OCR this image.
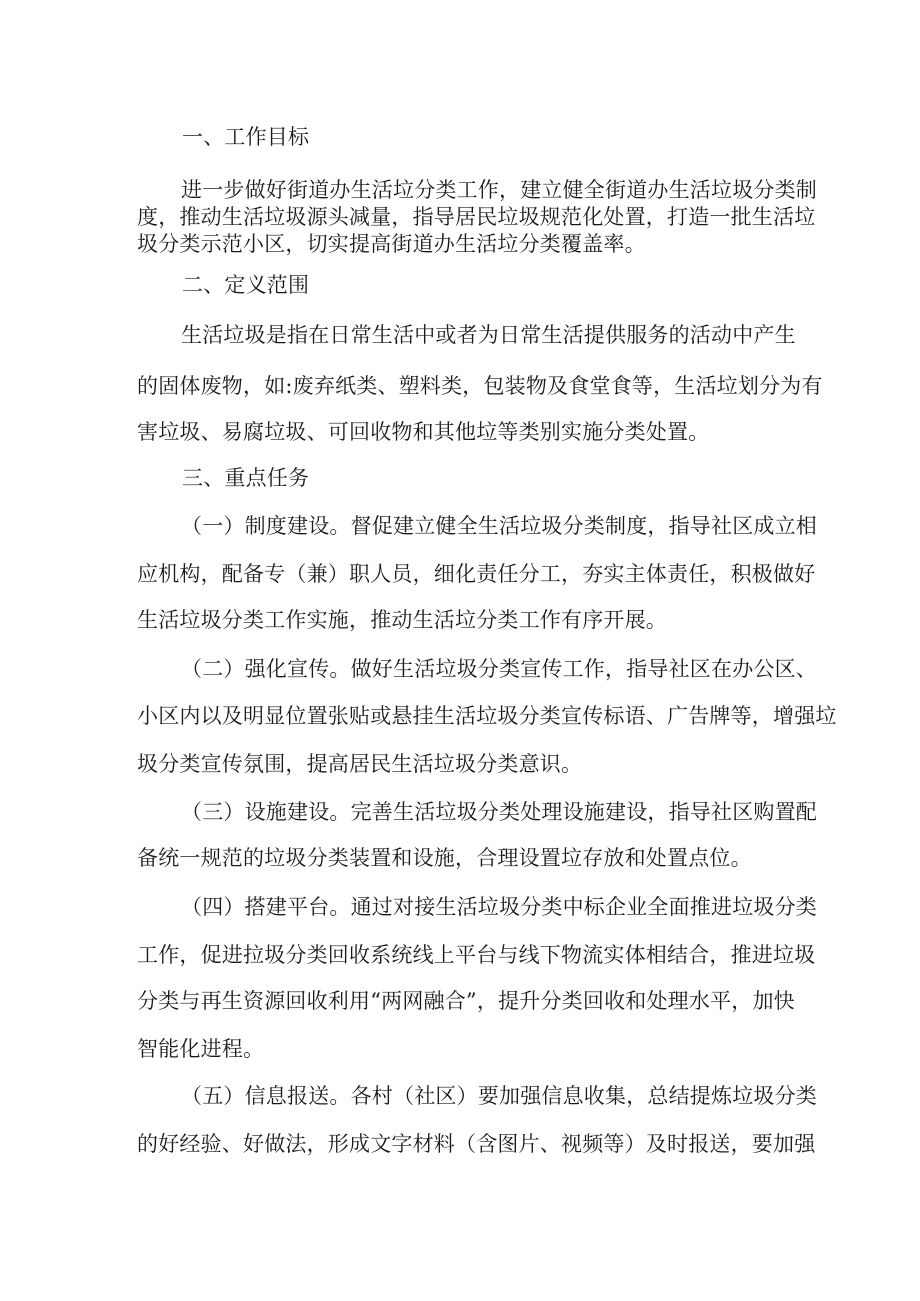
一、工作目标
进一步做好街道办生活垃分类工作，建立健全街道办生活垃圾分类制
度，推动生活垃圾源头减量，指导居民垃圾规范化处置，打造一批生活垃
圾分类示范小区，切实提高街道办生活垃分类覆盖率。
二、定义范围
生活垃圾是指在日常生活中或者为日常生活提供服务的活动中产生
的固体废物，如:废弃纸类、塑料类，包装物及食堂食等，生活垃划分为有
害垃圾、易腐垃圾、可回收物和其他垃等类别实施分类处置。
三、重点任务
（一）制度建设。督促建立健全生活垃圾分类制度，指导社区成立相
应机构，配备专（兼）职人员，细化责任分工，夯实主体责任，积极做好
生活垃圾分类工作实施，推动生活垃分类工作有序开展。
（二）强化宣传。做好生活垃圾分类宣传工作，指导社区在办公区、
小区内以及明显位置张贴或悬挂生活垃圾分类宣传标语、广告牌等，增强垃
圾分类宣传氛围，提高居民生活垃圾分类意识。
（三）设施建设。完善生活垃圾分类处理设施建设，指导社区购置配
备统一规范的垃圾分类装置和设施，合理设置垃存放和处置点位。
（四）搭建平台。通过对接生活垃圾分类中标企业全面推进垃圾分类
工作，促进拉圾分类回收系统线上平台与线下物流实体相结合，推进垃圾
分类与再生资源回收利用“两网融合”，提升分类回收和处理水平，加快
智能化进程。
（五）信息报送。各村（社区）要加强信息收集，总结提炼垃圾分类
的好经验、好做法，形成文字材料（含图片、视频等）及时报送，要加强
